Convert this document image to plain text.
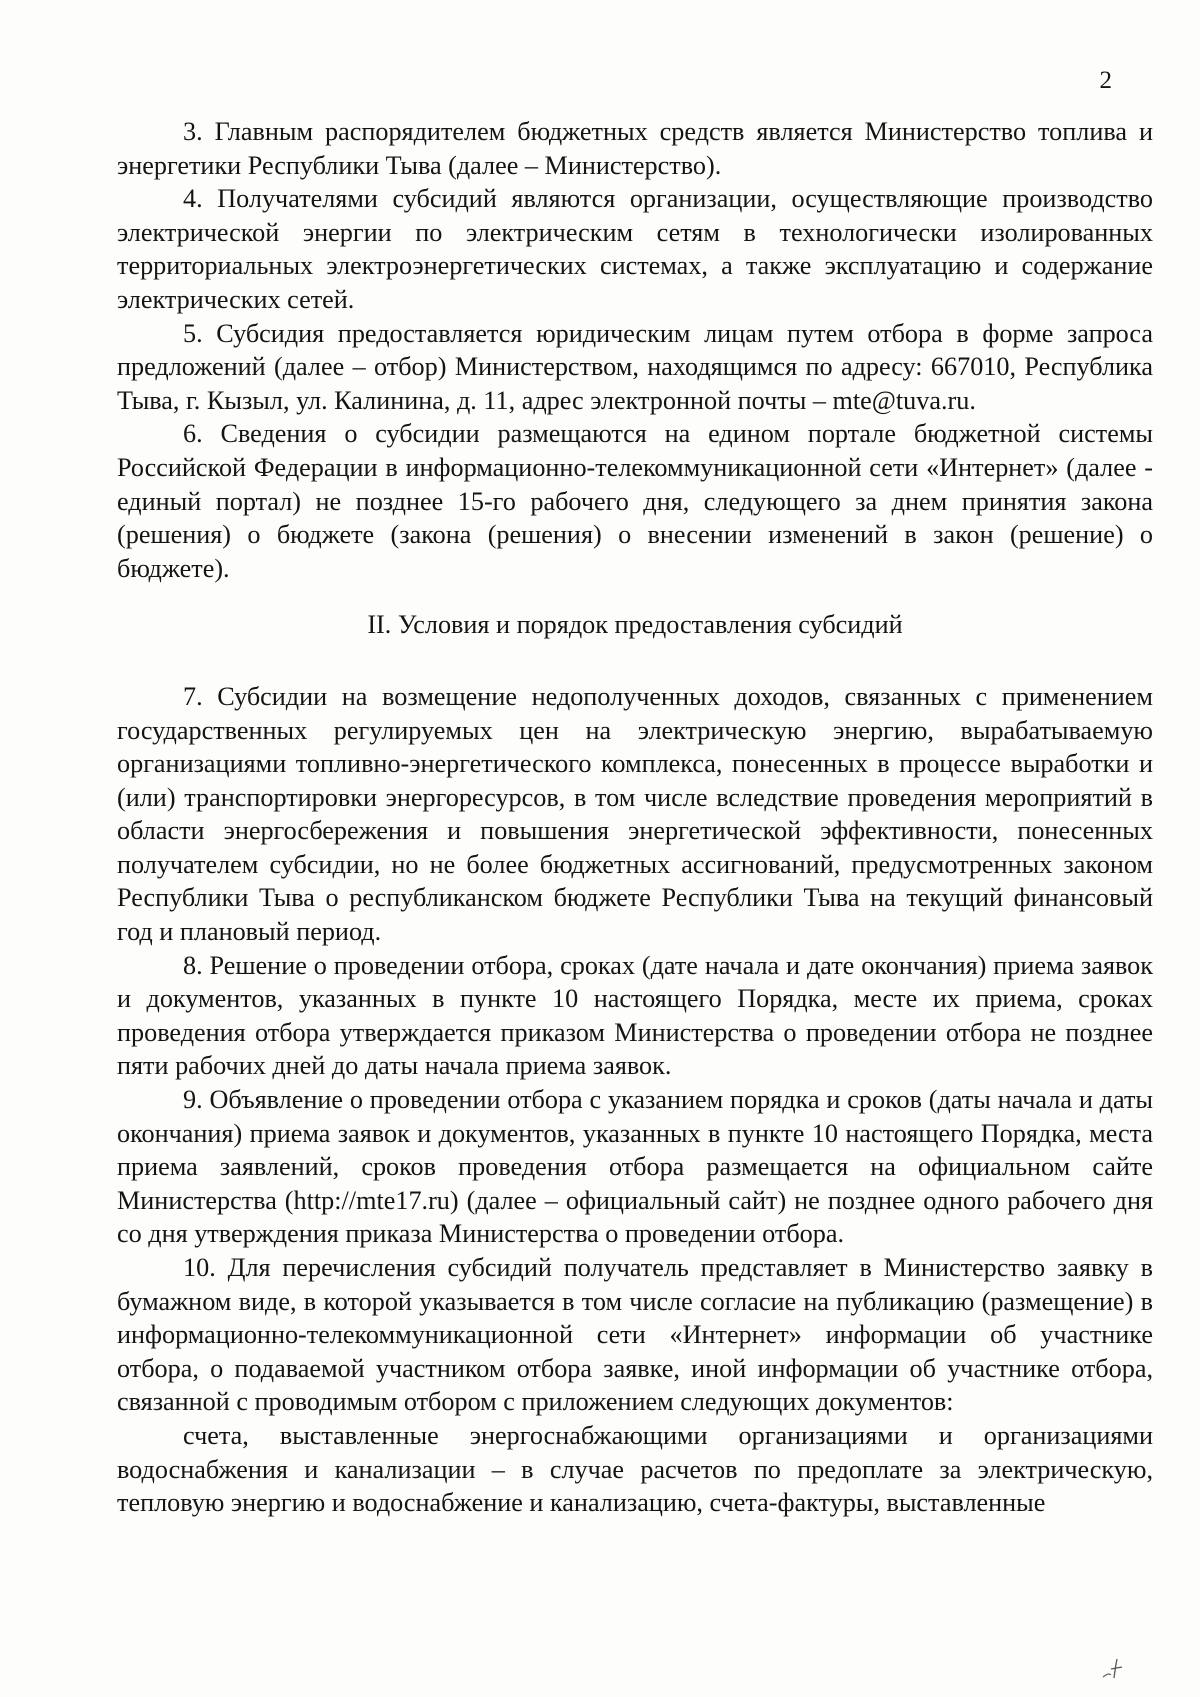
2

3. Главным распорядителем бюджетных средств является Министерство топлива и энергетики Республики Тыва (далее – Министерство).

4. Получателями субсидий являются организации, осуществляющие производство электрической энергии по электрическим сетям в технологически изолированных территориальных электроэнергетических системах, а также эксплуатацию и содержание электрических сетей.

5. Субсидия предоставляется юридическим лицам путем отбора в форме запроса предложений (далее – отбор) Министерством, находящимся по адресу: 667010, Республика Тыва, г. Кызыл, ул. Калинина, д. 11, адрес электронной почты – mte@tuva.ru.

6. Сведения о субсидии размещаются на едином портале бюджетной системы Российской Федерации в информационно-телекоммуникационной сети «Интернет» (далее - единый портал) не позднее 15-го рабочего дня, следующего за днем принятия закона (решения) о бюджете (закона (решения) о внесении изменений в закон (решение) о бюджете).

II. Условия и порядок предоставления субсидий

7. Субсидии на возмещение недополученных доходов, связанных с применением государственных регулируемых цен на электрическую энергию, вырабатываемую организациями топливно-энергетического комплекса, понесенных в процессе выработки и (или) транспортировки энергоресурсов, в том числе вследствие проведения мероприятий в области энергосбережения и повышения энергетической эффективности, понесенных получателем субсидии, но не более бюджетных ассигнований, предусмотренных законом Республики Тыва о республиканском бюджете Республики Тыва на текущий финансовый год и плановый период.

8. Решение о проведении отбора, сроках (дате начала и дате окончания) приема заявок и документов, указанных в пункте 10 настоящего Порядка, месте их приема, сроках проведения отбора утверждается приказом Министерства о проведении отбора не позднее пяти рабочих дней до даты начала приема заявок.

9. Объявление о проведении отбора с указанием порядка и сроков (даты начала и даты окончания) приема заявок и документов, указанных в пункте 10 настоящего Порядка, места приема заявлений, сроков проведения отбора размещается на официальном сайте Министерства (http://mte17.ru) (далее – официальный сайт) не позднее одного рабочего дня со дня утверждения приказа Министерства о проведении отбора.

10. Для перечисления субсидий получатель представляет в Министерство заявку в бумажном виде, в которой указывается в том числе согласие на публикацию (размещение) в информационно-телекоммуникационной сети «Интернет» информации об участнике отбора, о подаваемой участником отбора заявке, иной информации об участнике отбора, связанной с проводимым отбором с приложением следующих документов:

счета, выставленные энергоснабжающими организациями и организациями водоснабжения и канализации – в случае расчетов по предоплате за электрическую, тепловую энергию и водоснабжение и канализацию, счета-фактуры, выставленные
